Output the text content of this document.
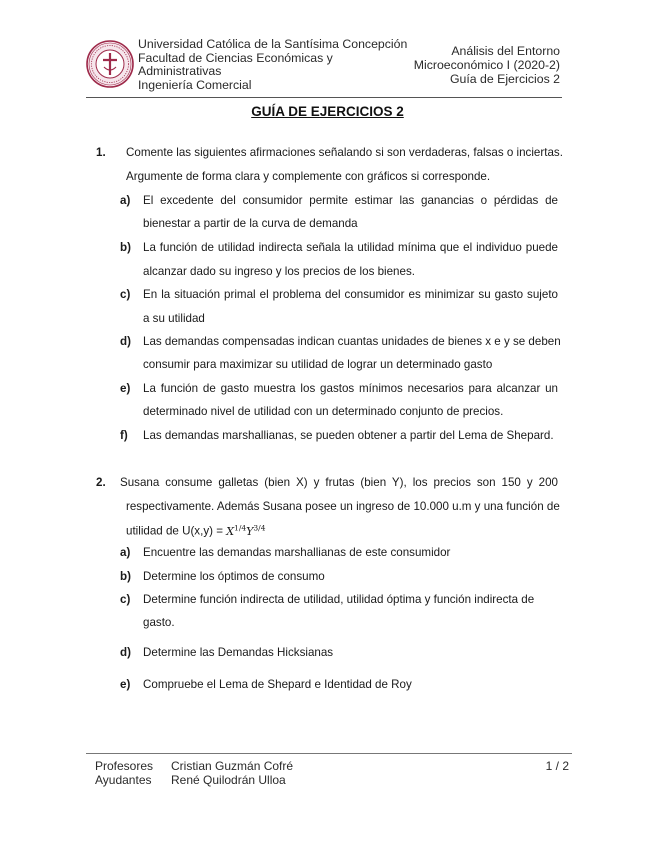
Universidad Católica de la Santísima Concepción
Facultad de Ciencias Económicas y
Administrativas
Ingeniería Comercial
Análisis del Entorno
Microeconómico I (2020-2)
Guía de Ejercicios 2
GUÍA DE EJERCICIOS 2
1. Comente las siguientes afirmaciones señalando si son verdaderas, falsas o inciertas.
Argumente de forma clara y complemente con gráficos si corresponde.
a) El excedente del consumidor permite estimar las ganancias o pérdidas de
bienestar a partir de la curva de demanda
b) La función de utilidad indirecta señala la utilidad mínima que el individuo puede
alcanzar dado su ingreso y los precios de los bienes.
c) En la situación primal el problema del consumidor es minimizar su gasto sujeto
a su utilidad
d) Las demandas compensadas indican cuantas unidades de bienes x e y se deben
consumir para maximizar su utilidad de lograr un determinado gasto
e) La función de gasto muestra los gastos mínimos necesarios para alcanzar un
determinado nivel de utilidad con un determinado conjunto de precios.
f) Las demandas marshallianas, se pueden obtener a partir del Lema de Shepard.
2. Susana consume galletas (bien X) y frutas (bien Y), los precios son 150 y 200
respectivamente. Además Susana posee un ingreso de 10.000 u.m y una función de
utilidad de $U(x,y) = X^{1/4}Y^{3/4}$
a) Encuentre las demandas marshallianas de este consumidor
b) Determine los óptimos de consumo
c) Determine función indirecta de utilidad, utilidad óptima y función indirecta de
gasto.
d) Determine las Demandas Hicksianas
e) Compruebe el Lema de Shepard e Identidad de Roy
Profesores Cristian Guzmán Cofré
Ayudantes René Quilodrán Ulloa
1 / 2
